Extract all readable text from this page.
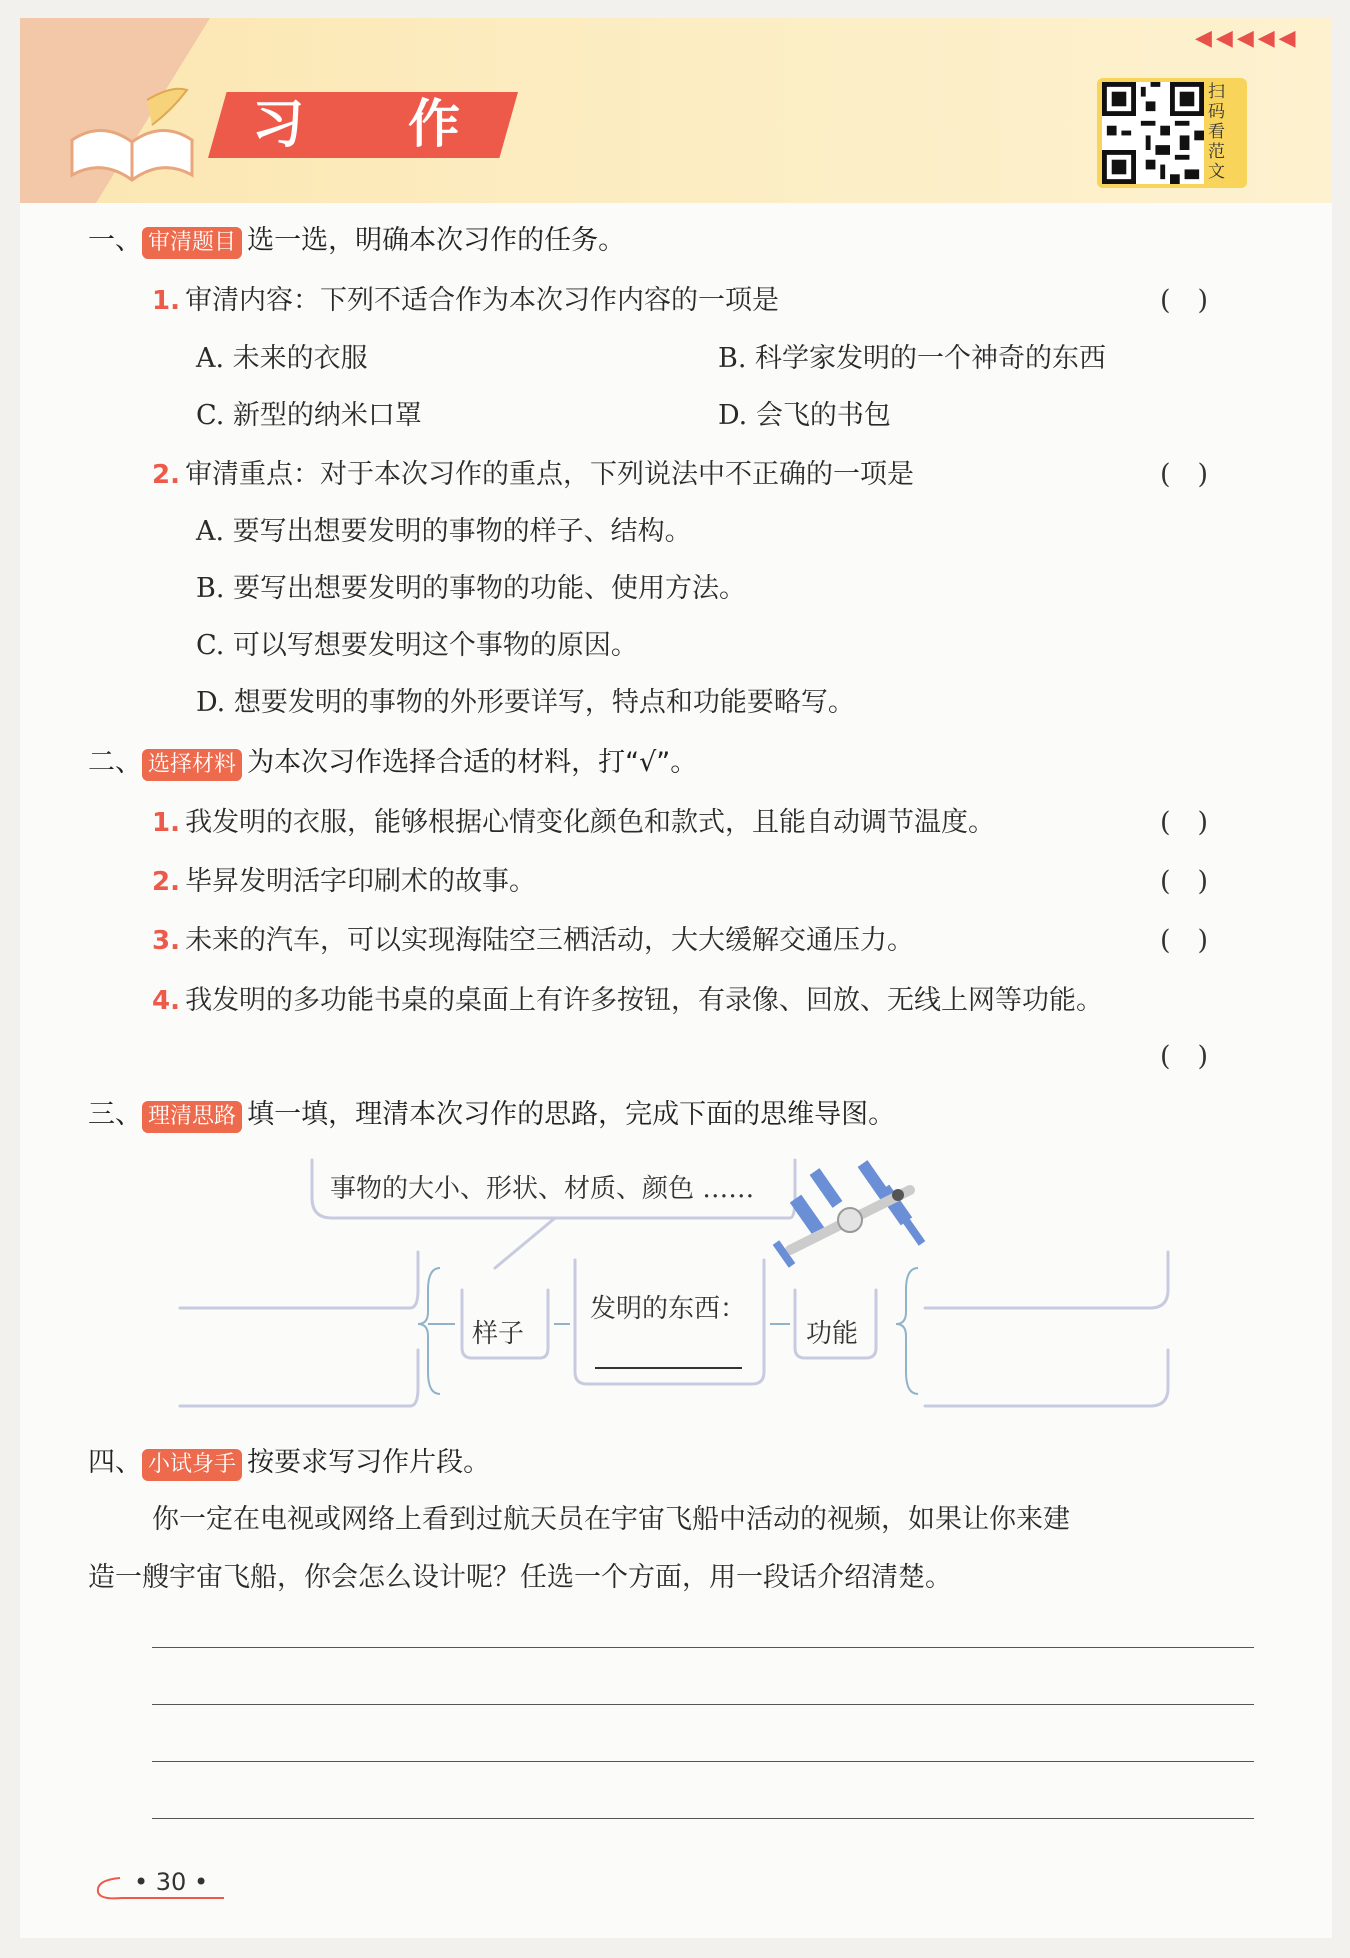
习 作
◀◀◀◀◀
扫码看范文
一、 审清题目 选一选，明确本次习作的任务。
1. 审清内容：下列不适合作为本次习作内容的一项是	(　)
A. 未来的衣服	B. 科学家发明的一个神奇的东西
C. 新型的纳米口罩	D. 会飞的书包
2. 审清重点：对于本次习作的重点，下列说法中不正确的一项是	(　)
A. 要写出想要发明的事物的样子、结构。
B. 要写出想要发明的事物的功能、使用方法。
C. 可以写想要发明这个事物的原因。
D. 想要发明的事物的外形要详写，特点和功能要略写。
二、 选择材料 为本次习作选择合适的材料，打“√”。
1. 我发明的衣服，能够根据心情变化颜色和款式，且能自动调节温度。	(　)
2. 毕昇发明活字印刷术的故事。	(　)
3. 未来的汽车，可以实现海陆空三栖活动，大大缓解交通压力。	(　)
4. 我发明的多功能书桌的桌面上有许多按钮，有录像、回放、无线上网等功能。
(　)
三、 理清思路 填一填，理清本次习作的思路，完成下面的思维导图。
事物的大小、形状、材质、颜色 ……
样子
发明的东西：
功能
四、 小试身手 按要求写习作片段。
你一定在电视或网络上看到过航天员在宇宙飞船中活动的视频，如果让你来建
造一艘宇宙飞船，你会怎么设计呢？任选一个方面，用一段话介绍清楚。
• 30 •
